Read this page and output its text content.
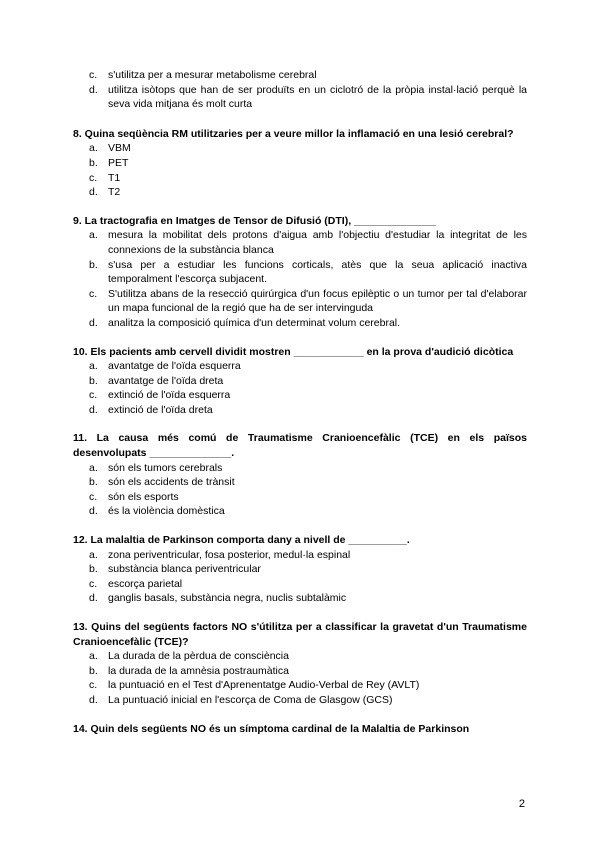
c. s'utilitza per a mesurar metabolisme cerebral
d. utilitza isòtops que han de ser produïts en un ciclotró de la pròpia instal·lació perquè la seva vida mitjana és molt curta
8. Quina seqüència RM utilitzaries per a veure millor la inflamació en una lesió cerebral?
a. VBM
b. PET
c. T1
d. T2
9. La tractografia en Imatges de Tensor de Difusió (DTI), ______________
a. mesura la mobilitat dels protons d'aigua amb l'objectiu d'estudiar la integritat de les connexions de la substància blanca
b. s'usa per a estudiar les funcions corticals, atès que la seua aplicació inactiva temporalment l'escorça subjacent.
c. S'utilitza abans de la resecció quirúrgica d'un focus epilèptic o un tumor per tal d'elaborar un mapa funcional de la regió que ha de ser intervinguda
d. analitza la composició química d'un determinat volum cerebral.
10. Els pacients amb cervell dividit mostren ____________ en la prova d'audició dicòtica
a. avantatge de l'oïda esquerra
b. avantatge de l'oïda dreta
c. extinció de l'oïda esquerra
d. extinció de l'oïda dreta
11. La causa més comú de Traumatisme Cranioencefàlic (TCE) en els països desenvolupats ______________.
a. són els tumors cerebrals
b. són els accidents de trànsit
c. són els esports
d. és la violència domèstica
12. La malaltia de Parkinson comporta dany a nivell de __________.
a. zona periventricular, fosa posterior, medul·la espinal
b. substància blanca periventricular
c. escorça parietal
d. ganglis basals, substància negra, nuclis subtalàmic
13. Quins del següents factors NO s'útilitza per a classificar la gravetat d'un Traumatisme Cranioencefàlic (TCE)?
a. La durada de la pèrdua de consciència
b. la durada de la amnèsia postraumàtica
c. la puntuació en el Test d'Aprenentatge Audio-Verbal de Rey (AVLT)
d. La puntuació inicial en l'escorça de Coma de Glasgow (GCS)
14. Quin dels següents NO és un símptoma cardinal de la Malaltia de Parkinson
2
